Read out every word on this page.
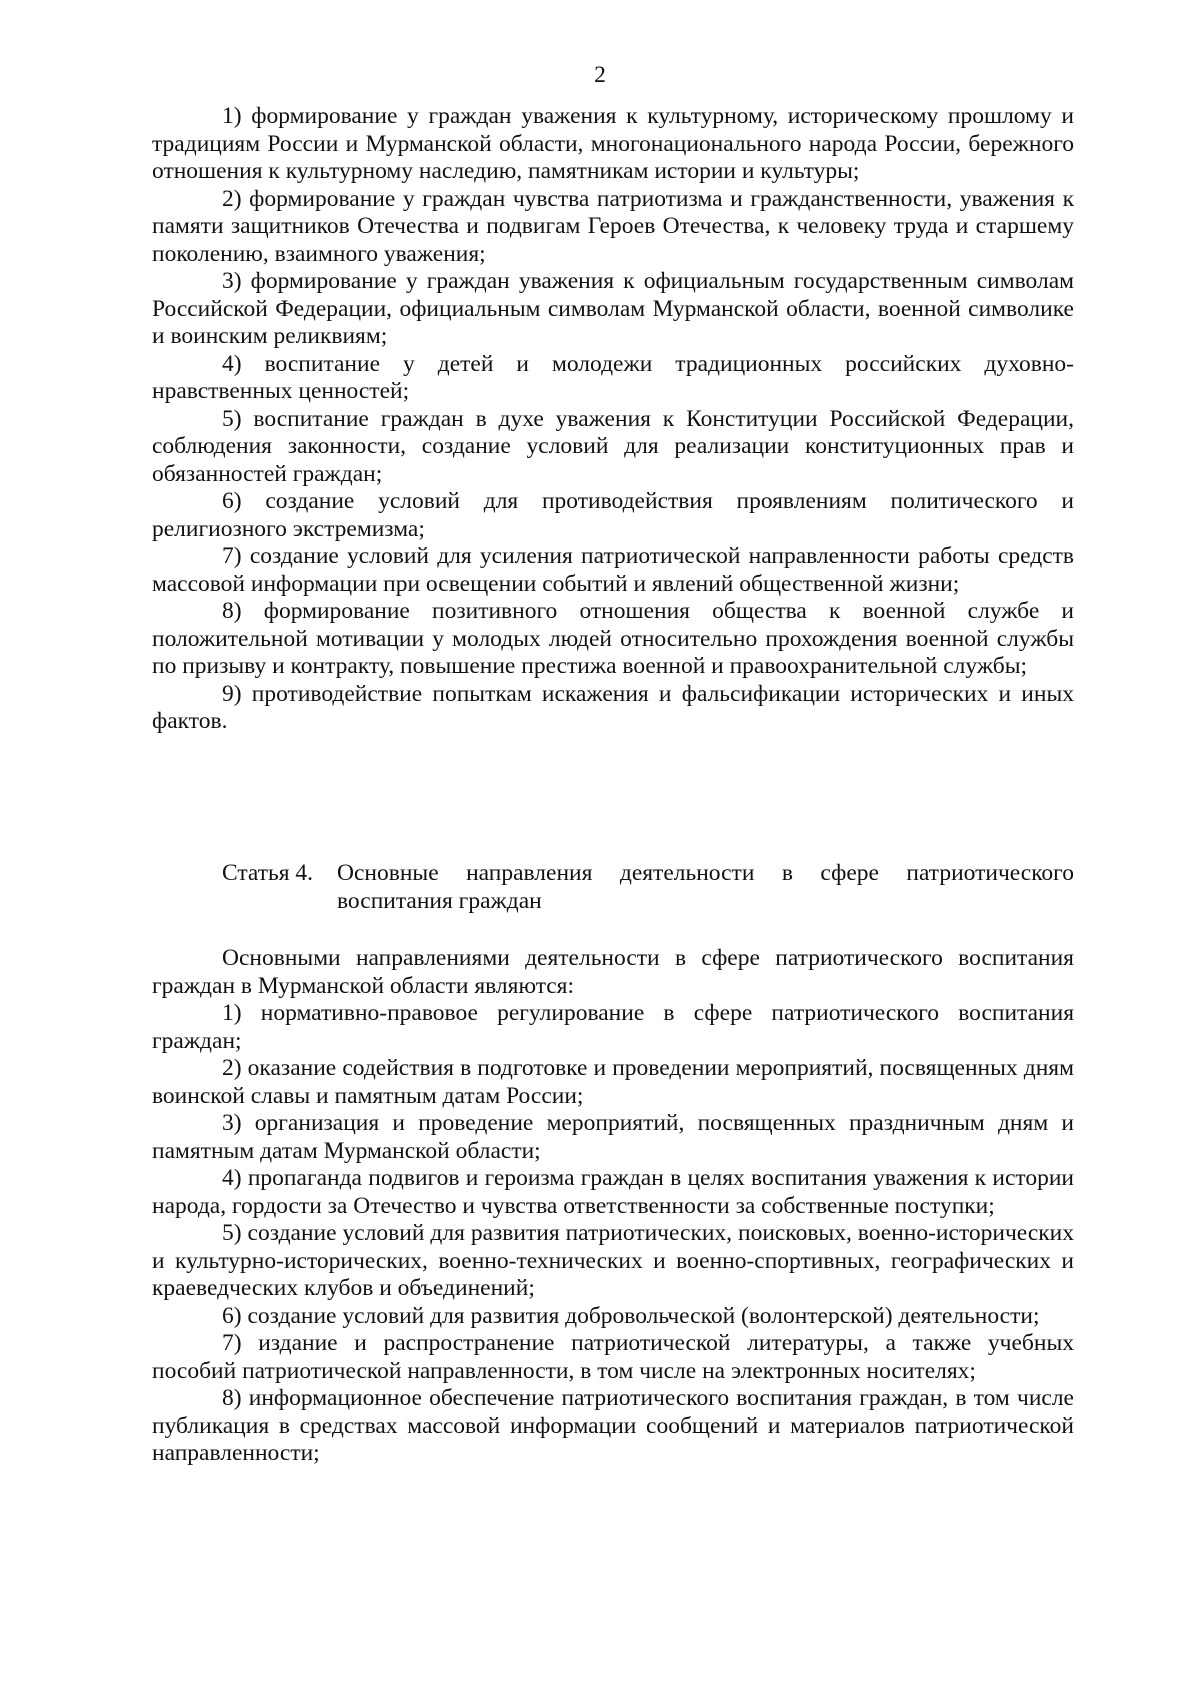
2

1) формирование у граждан уважения к культурному, историческому прошлому и традициям России и Мурманской области, многонационального народа России, бережного отношения к культурному наследию, памятникам истории и культуры;

2) формирование у граждан чувства патриотизма и гражданственности, уважения к памяти защитников Отечества и подвигам Героев Отечества, к человеку труда и старшему поколению, взаимного уважения;

3) формирование у граждан уважения к официальным государственным символам Российской Федерации, официальным символам Мурманской области, военной символике и воинским реликвиям;

4) воспитание у детей и молодежи традиционных российских духовно-нравственных ценностей;

5) воспитание граждан в духе уважения к Конституции Российской Федерации, соблюдения законности, создание условий для реализации конституционных прав и обязанностей граждан;

6) создание условий для противодействия проявлениям политического и религиозного экстремизма;

7) создание условий для усиления патриотической направленности работы средств массовой информации при освещении событий и явлений общественной жизни;

8) формирование позитивного отношения общества к военной службе и положительной мотивации у молодых людей относительно прохождения военной службы по призыву и контракту, повышение престижа военной и правоохранительной службы;

9) противодействие попыткам искажения и фальсификации исторических и иных фактов.

Статья 4.	Основные направления деятельности в сфере патриотического воспитания граждан

Основными направлениями деятельности в сфере патриотического воспитания граждан в Мурманской области являются:

1) нормативно-правовое регулирование в сфере патриотического воспитания граждан;

2) оказание содействия в подготовке и проведении мероприятий, посвященных дням воинской славы и памятным датам России;

3) организация и проведение мероприятий, посвященных праздничным дням и памятным датам Мурманской области;

4) пропаганда подвигов и героизма граждан в целях воспитания уважения к истории народа, гордости за Отечество и чувства ответственности за собственные поступки;

5) создание условий для развития патриотических, поисковых, военно-исторических и культурно-исторических, военно-технических и военно-спортивных, географических и краеведческих клубов и объединений;

6) создание условий для развития добровольческой (волонтерской) деятельности;

7) издание и распространение патриотической литературы, а также учебных пособий патриотической направленности, в том числе на электронных носителях;

8) информационное обеспечение патриотического воспитания граждан, в том числе публикация в средствах массовой информации сообщений и материалов патриотической направленности;
